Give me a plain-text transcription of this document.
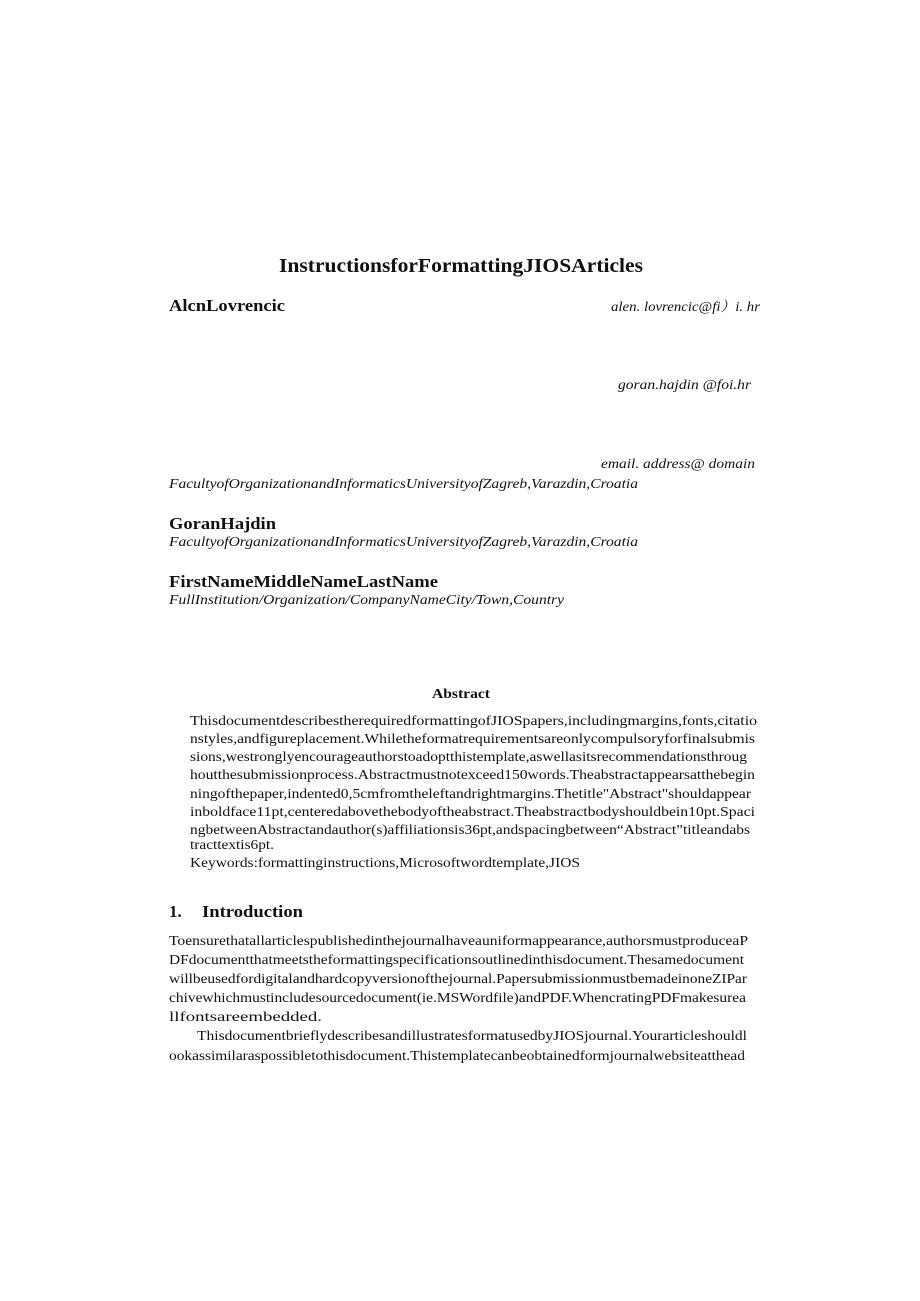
InstructionsforFormattingJIOSArticles
AlcnLovrencic	alen. lovrencic@fi）i. hr
goran.hajdin @foi.hr
email. address@ domain
FacultyofOrganizationandInformaticsUniversityofZagreb,Varazdin,Croatia
GoranHajdin
FacultyofOrganizationandInformaticsUniversityofZagreb,Varazdin,Croatia
FirstNameMiddleNameLastName
FullInstitution/Organization/CompanyNameCity/Town,Country
Abstract
ThisdocumentdescribestherequiredformattingofJIOSpapers,includingmargins,fonts,citatio
nstyles,andfigureplacement.Whiletheformatrequirementsareonlycompulsoryforfinalsubmis
sions,westronglyencourageauthorstoadoptthistemplate,aswellasitsrecommendationsthroug
houtthesubmissionprocess.Abstractmustnotexceed150words.Theabstractappearsatthebegin
ningofthepaper,indented0,5cmfromtheleftandrightmargins.Thetitle"Abstract"shouldappear
inboldface11pt,centeredabovethebodyoftheabstract.Theabstractbodyshouldbein10pt.Spaci
ngbetweenAbstractandauthor(s)affiliationsis36pt,andspacingbetween“Abstract”titleandabs
tracttextis6pt.
Keywords:formattinginstructions,Microsoftwordtemplate,JIOS
1. Introduction
Toensurethatallarticlespublishedinthejournalhaveauniformappearance,authorsmustproduceaP
DFdocumentthatmeetstheformattingspecificationsoutlinedinthisdocument.Thesamedocument
willbeusedfordigitalandhardcopyversionofthejournal.PapersubmissionmustbemadeinoneZIPar
chivewhichmustincludesourcedocument(ie.MSWordfile)andPDF.WhencratingPDFmakesurea
llfontsareembedded.
ThisdocumentbrieflydescribesandillustratesformatusedbyJIOSjournal.Yourarticleshouldl
ookassimilaraspossibletothisdocument.Thistemplatecanbeobtainedformjournalwebsiteatthead
